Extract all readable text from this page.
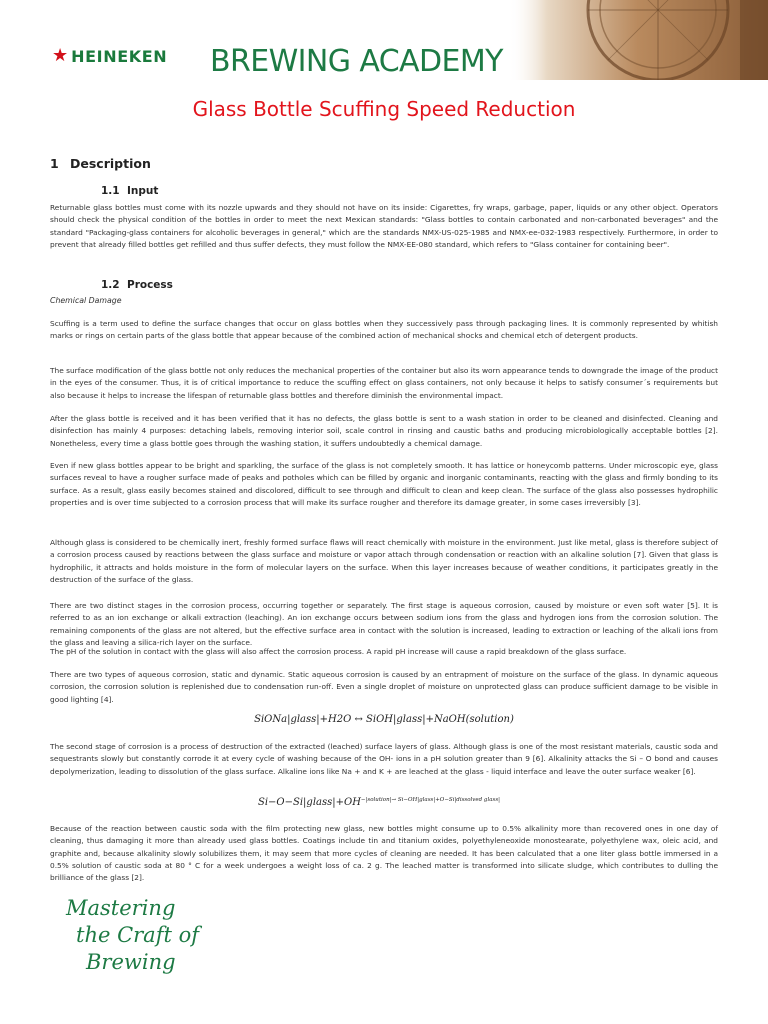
★ HEINEKEN BREWING ACADEMY
Glass Bottle Scuffing Speed Reduction
1 Description
1.1 Input
Returnable glass bottles must come with its nozzle upwards and they should not have on its inside: Cigarettes, fry wraps, garbage, paper, liquids or any other object. Operators should check the physical condition of the bottles in order to meet the next Mexican standards: "Glass bottles to contain carbonated and non-carbonated beverages" and the standard "Packaging-glass containers for alcoholic beverages in general," which are the standards NMX-US-025-1985 and NMX-ee-032-1983 respectively. Furthermore, in order to prevent that already filled bottles get refilled and thus suffer defects, they must follow the NMX-EE-080 standard, which refers to "Glass container for containing beer".
1.2 Process
Chemical Damage
Scuffing is a term used to define the surface changes that occur on glass bottles when they successively pass through packaging lines. It is commonly represented by whitish marks or rings on certain parts of the glass bottle that appear because of the combined action of mechanical shocks and chemical etch of detergent products.
The surface modification of the glass bottle not only reduces the mechanical properties of the container but also its worn appearance tends to downgrade the image of the product in the eyes of the consumer. Thus, it is of critical importance to reduce the scuffing effect on glass containers, not only because it helps to satisfy consumer´s requirements but also because it helps to increase the lifespan of returnable glass bottles and therefore diminish the environmental impact.
After the glass bottle is received and it has been verified that it has no defects, the glass bottle is sent to a wash station in order to be cleaned and disinfected. Cleaning and disinfection has mainly 4 purposes: detaching labels, removing interior soil, scale control in rinsing and caustic baths and producing microbiologically acceptable bottles [2]. Nonetheless, every time a glass bottle goes through the washing station, it suffers undoubtedly a chemical damage.
Even if new glass bottles appear to be bright and sparkling, the surface of the glass is not completely smooth. It has lattice or honeycomb patterns. Under microscopic eye, glass surfaces reveal to have a rougher surface made of peaks and potholes which can be filled by organic and inorganic contaminants, reacting with the glass and firmly bonding to its surface. As a result, glass easily becomes stained and discolored, difficult to see through and difficult to clean and keep clean. The surface of the glass also possesses hydrophilic properties and is over time subjected to a corrosion process that will make its surface rougher and therefore its damage greater, in some cases irreversibly [3].
Although glass is considered to be chemically inert, freshly formed surface flaws will react chemically with moisture in the environment. Just like metal, glass is therefore subject of a corrosion process caused by reactions between the glass surface and moisture or vapor attach through condensation or reaction with an alkaline solution [7]. Given that glass is hydrophilic, it attracts and holds moisture in the form of molecular layers on the surface. When this layer increases because of weather conditions, it participates greatly in the destruction of the surface of the glass.
There are two distinct stages in the corrosion process, occurring together or separately. The first stage is aqueous corrosion, caused by moisture or even soft water [5]. It is referred to as an ion exchange or alkali extraction (leaching). An ion exchange occurs between sodium ions from the glass and hydrogen ions from the corrosion solution. The remaining components of the glass are not altered, but the effective surface area in contact with the solution is increased, leading to extraction or leaching of the alkali ions from the glass and leaving a silica-rich layer on the surface.
The pH of the solution in contact with the glass will also affect the corrosion process. A rapid pH increase will cause a rapid breakdown of the glass surface.
There are two types of aqueous corrosion, static and dynamic. Static aqueous corrosion is caused by an entrapment of moisture on the surface of the glass. In dynamic aqueous corrosion, the corrosion solution is replenished due to condensation run-off. Even a single droplet of moisture on unprotected glass can produce sufficient damage to be visible in good lighting [4].
SiONa|glass|+H2O ↔ SiOH|glass|+NaOH(solution)
The second stage of corrosion is a process of destruction of the extracted (leached) surface layers of glass. Although glass is one of the most resistant materials, caustic soda and sequestrants slowly but constantly corrode it at every cycle of washing because of the OH- ions in a pH solution greater than 9 [6]. Alkalinity attacks the Si – O bond and causes depolymerization, leading to dissolution of the glass surface. Alkaline ions like Na + and K + are leached at the glass - liquid interface and leave the outer surface weaker [6].
$Si-O-Si|glass|+OH^{-|solution|\to Si-OH|glass|+O-Si|dissolved glass|}$
Because of the reaction between caustic soda with the film protecting new glass, new bottles might consume up to 0.5% alkalinity more than recovered ones in one day of cleaning, thus damaging it more than already used glass bottles. Coatings include tin and titanium oxides, polyethyleneoxide monostearate, polyethylene wax, oleic acid, and graphite and, because alkalinity slowly solubilizes them, it may seem that more cycles of cleaning are needed. It has been calculated that a one liter glass bottle immersed in a 0.5% solution of caustic soda at 80 ° C for a week undergoes a weight loss of ca. 2 g. The leached matter is transformed into silicate sludge, which contributes to dulling the brilliance of the glass [2].
Mastering
the Craft of
Brewing
